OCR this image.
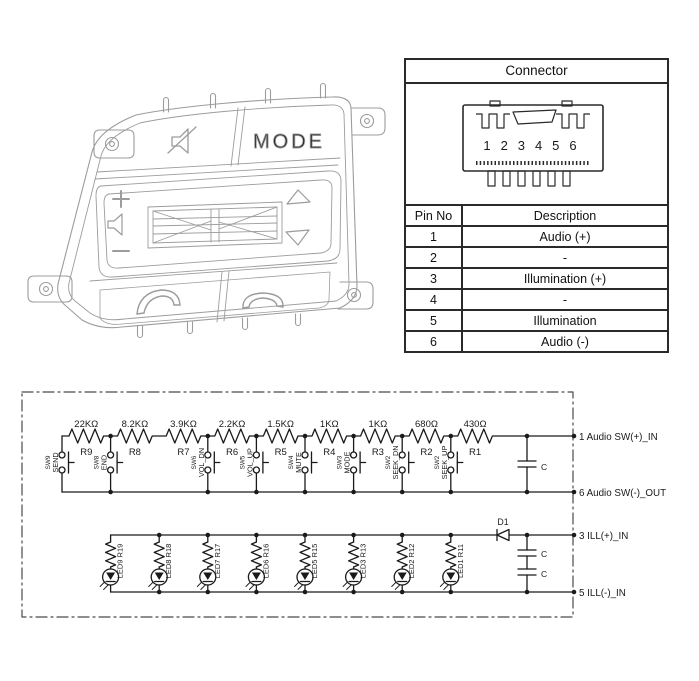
MODE
Connector
1 2 3 4 5 6
Pin No	Description
1	Audio (+)
2	-
3	Illumination (+)
4	-
5	Illumination
6	Audio (-)
22KΩ
R9
8.2KΩ
R8
3.9KΩ
R7
2.2KΩ
R6
1.5KΩ
R5
1KΩ
R4
1KΩ
R3
680Ω
R2
430Ω
R1
SW9 SEND	SW8 END	SW6 VOL_DN	SW5 VOL_UP	SW4 MUTE	SW3 MODE	SW2 SEEK_DN	SW2 SEEK_UP	C
1 Audio SW(+)_IN
6 Audio SW(-)_OUT
D1
LED9 R19	LED8 R18	LED7 R17	LED6 R16	LED5 R15	LED3 R13	LED2 R12	LED1 R11	C
C
3 ILL(+)_IN
5 ILL(-)_IN
